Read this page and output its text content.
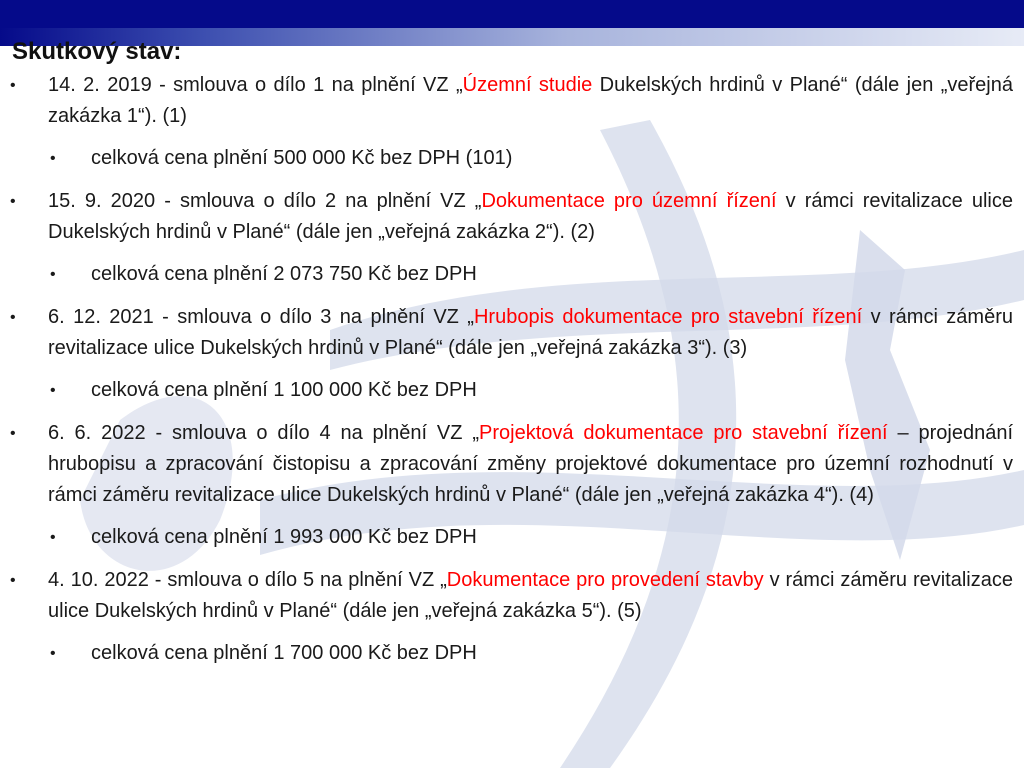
Skutkový stav:
•	14. 2. 2019 - smlouva o dílo 1 na plnění VZ „Územní studie Dukelských hrdinů v Plané“ (dále jen „veřejná zakázka 1“). (1)
•	celková cena plnění 500 000 Kč bez DPH (101)
•	15. 9. 2020 - smlouva o dílo 2 na plnění VZ „Dokumentace pro územní řízení v rámci revitalizace ulice Dukelských hrdinů v Plané“ (dále jen „veřejná zakázka 2“). (2)
•	celková cena plnění 2 073 750 Kč bez DPH
•	6. 12. 2021 - smlouva o dílo 3 na plnění VZ „Hrubopis dokumentace pro stavební řízení v rámci záměru revitalizace ulice Dukelských hrdinů v Plané“ (dále jen „veřejná zakázka 3“). (3)
•	celková cena plnění 1 100 000 Kč bez DPH
•	6. 6. 2022 - smlouva o dílo 4 na plnění VZ „Projektová dokumentace pro stavební řízení – projednání hrubopisu a zpracování čistopisu a zpracování změny projektové dokumentace pro územní rozhodnutí v rámci záměru revitalizace ulice Dukelských hrdinů v Plané“ (dále jen „veřejná zakázka 4“). (4)
•	celková cena plnění 1 993 000 Kč bez DPH
•	4. 10. 2022 - smlouva o dílo 5 na plnění VZ „Dokumentace pro provedení stavby v rámci záměru revitalizace ulice Dukelských hrdinů v Plané“ (dále jen „veřejná zakázka 5“). (5)
•	celková cena plnění 1 700 000 Kč bez DPH
